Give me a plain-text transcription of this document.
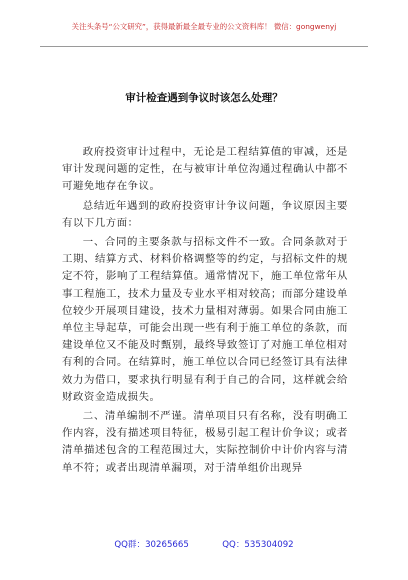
关注头条号“公文研究”，获得最新最全最专业的公文资料库！ 微信：gongwenyj
审计检查遇到争议时该怎么处理？

政府投资审计过程中，无论是工程结算值的审减，还是审计发现问题的定性，在与被审计单位沟通过程确认中都不可避免地存在争议。

总结近年遇到的政府投资审计争议问题，争议原因主要有以下几方面：

一、合同的主要条款与招标文件不一致。合同条款对于工期、结算方式、材料价格调整等的约定，与招标文件的规定不符，影响了工程结算值。通常情况下，施工单位常年从事工程施工，技术力量及专业水平相对较高；而部分建设单位较少开展项目建设，技术力量相对薄弱。如果合同由施工单位主导起草，可能会出现一些有利于施工单位的条款，而建设单位又不能及时甄别，最终导致签订了对施工单位相对有利的合同。在结算时，施工单位以合同已经签订具有法律效力为借口，要求执行明显有利于自己的合同，这样就会给财政资金造成损失。

二、清单编制不严谨。清单项目只有名称，没有明确工作内容，没有描述项目特征，极易引起工程计价争议；或者清单描述包含的工程范围过大，实际控制价中计价内容与清单不符；或者出现清单漏项，对于清单组价出现异

QQ群：30265665	QQ：535304092
